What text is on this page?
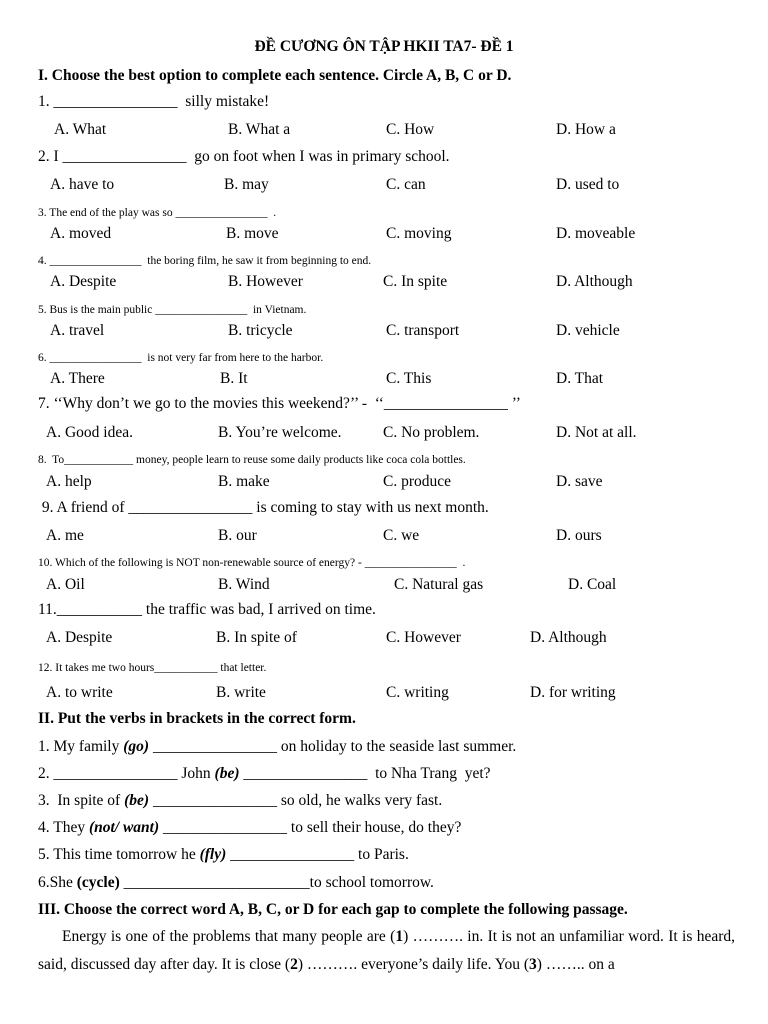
ĐỀ CƯƠNG ÔN TẬP HKII TA7- ĐỀ 1
I. Choose the best option to complete each sentence. Circle A, B, C or D.
1. ________________  silly mistake!
A. What	B. What a	C. How	D. How a
2. I ________________  go on foot when I was in primary school.
A. have to	B. may	C. can	D. used to
3. The end of the play was so ________________  .
A. moved	B. move	C. moving	D. moveable
4. ________________  the boring film, he saw it from beginning to end.
A. Despite	B. However	C. In spite	D. Although
5. Bus is the main public ________________  in Vietnam.
A. travel	B. tricycle	C. transport	D. vehicle
6. ________________  is not very far from here to the harbor.
A. There	B. It	C. This	D. That
7. ‘‘Why don’t we go to the movies this weekend?’’ -  ‘‘________________ ’’
A. Good idea.	B. You’re welcome.	C. No problem.	D. Not at all.
8.  To____________ money, people learn to reuse some daily products like coca cola bottles.
A. help	B. make	C. produce	D. save
9. A friend of ________________ is coming to stay with us next month.
A. me	B. our	C. we	D. ours
10. Which of the following is NOT non-renewable source of energy? - ________________  .
A. Oil	B. Wind	C. Natural gas	D. Coal
11.___________ the traffic was bad, I arrived on time.
A. Despite	B. In spite of	C. However	D. Although
12. It takes me two hours___________ that letter.
A. to write	B. write	C. writing	D. for writing
II. Put the verbs in brackets in the correct form.
1. My family (go) ________________ on holiday to the seaside last summer.
2. ________________ John (be) ________________  to Nha Trang  yet?
3.  In spite of (be) ________________ so old, he walks very fast.
4. They (not/ want) ________________ to sell their house, do they?
5. This time tomorrow he (fly) ________________ to Paris.
6.She (cycle) ________________________to school tomorrow.
III. Choose the correct word A, B, C, or D for each gap to complete the following passage.
Energy is one of the problems that many people are (1) ………. in. It is not an unfamiliar word. It is heard, said, discussed day after day. It is close (2) ………. everyone’s daily life. You (3) …….. on a
